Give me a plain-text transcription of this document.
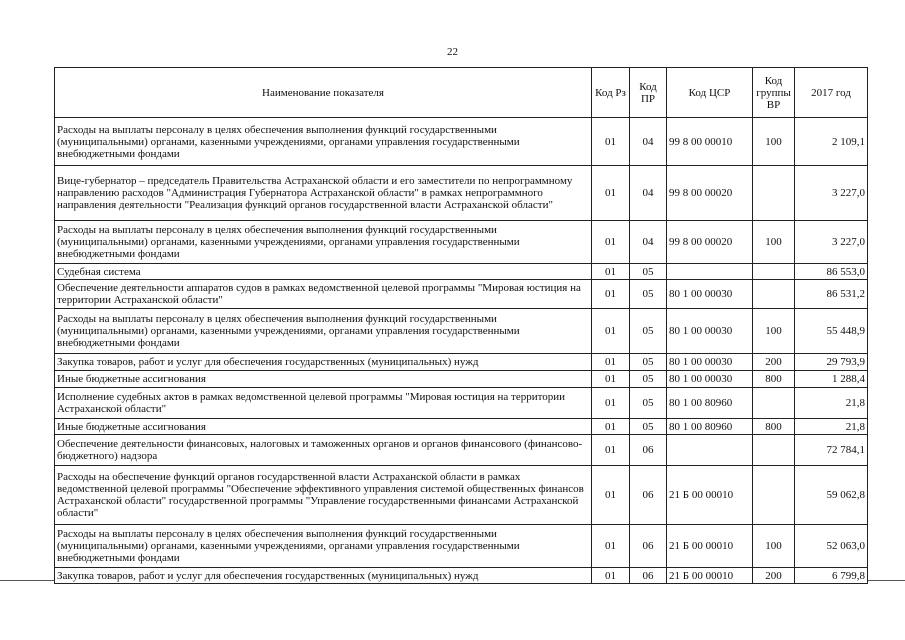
22
Наименование показателя	Код Рз	Код ПР	Код ЦСР	Код группы ВР	2017 год
Расходы на выплаты персоналу в целях обеспечения выполнения функций государственными (муниципальными) органами, казенными учреждениями, органами управления государственными внебюджетными фондами	01	04	99 8 00 00010	100	2 109,1
Вице-губернатор – председатель Правительства Астраханской области и его заместители по непрограммному направлению расходов "Администрация Губернатора Астраханской области" в рамках непрограммного направления деятельности "Реализация функций органов государственной власти Астраханской области"	01	04	99 8 00 00020		3 227,0
Расходы на выплаты персоналу в целях обеспечения выполнения функций государственными (муниципальными) органами, казенными учреждениями, органами управления государственными внебюджетными фондами	01	04	99 8 00 00020	100	3 227,0
Судебная система	01	05			86 553,0
Обеспечение деятельности аппаратов судов в рамках ведомственной целевой программы "Мировая юстиция на территории Астраханской области"	01	05	80 1 00 00030		86 531,2
Расходы на выплаты персоналу в целях обеспечения выполнения функций государственными (муниципальными) органами, казенными учреждениями, органами управления государственными внебюджетными фондами	01	05	80 1 00 00030	100	55 448,9
Закупка товаров, работ и услуг для обеспечения государственных (муниципальных) нужд	01	05	80 1 00 00030	200	29 793,9
Иные бюджетные ассигнования	01	05	80 1 00 00030	800	1 288,4
Исполнение судебных актов в рамках ведомственной целевой программы "Мировая юстиция на территории Астраханской области"	01	05	80 1 00 80960		21,8
Иные бюджетные ассигнования	01	05	80 1 00 80960	800	21,8
Обеспечение деятельности финансовых, налоговых и таможенных органов и органов финансового (финансово-бюджетного) надзора	01	06			72 784,1
Расходы на обеспечение функций органов государственной власти Астраханской области в рамках ведомственной целевой программы "Обеспечение эффективного управления системой общественных финансов Астраханской области" государственной программы "Управление государственными финансами Астраханской области"	01	06	21 Б 00 00010		59 062,8
Расходы на выплаты персоналу в целях обеспечения выполнения функций государственными (муниципальными) органами, казенными учреждениями, органами управления государственными внебюджетными фондами	01	06	21 Б 00 00010	100	52 063,0
Закупка товаров, работ и услуг для обеспечения государственных (муниципальных) нужд	01	06	21 Б 00 00010	200	6 799,8
